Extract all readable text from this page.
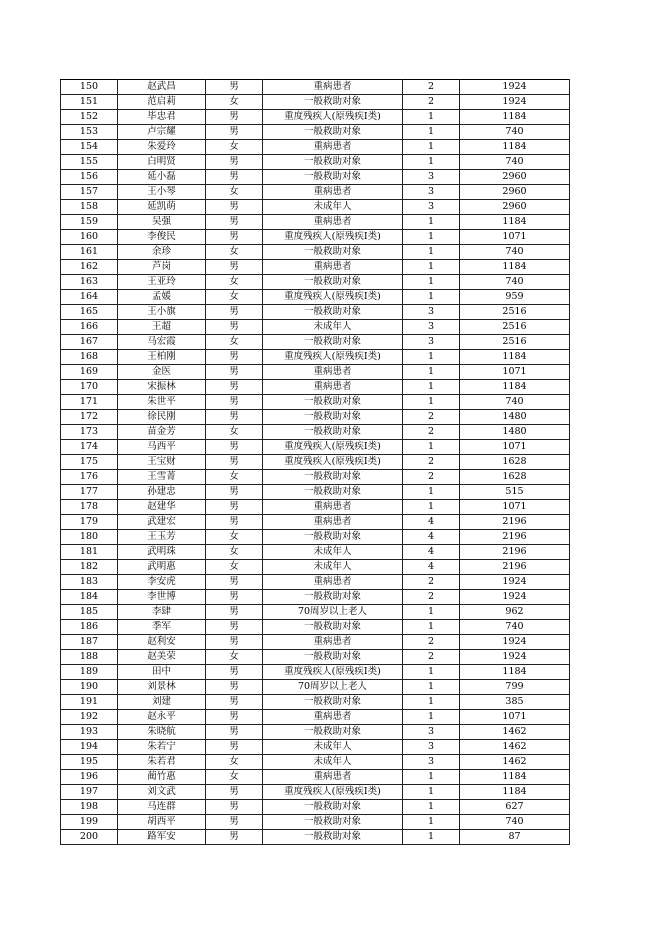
150	赵武昌	男	重病患者	2	1924
151	范启莉	女	一般救助对象	2	1924
152	毕忠君	男	重度残疾人(原残疾Ⅰ类)	1	1184
153	卢宗耀	男	一般救助对象	1	740
154	朱爱玲	女	重病患者	1	1184
155	白明贤	男	一般救助对象	1	740
156	延小磊	男	一般救助对象	3	2960
157	王小琴	女	重病患者	3	2960
158	延凯萌	男	未成年人	3	2960
159	吴强	男	重病患者	1	1184
160	李俊民	男	重度残疾人(原残疾Ⅰ类)	1	1071
161	余珍	女	一般救助对象	1	740
162	芦岗	男	重病患者	1	1184
163	王亚玲	女	一般救助对象	1	740
164	孟媛	女	重度残疾人(原残疾Ⅰ类)	1	959
165	王小旗	男	一般救助对象	3	2516
166	王超	男	未成年人	3	2516
167	马宏霞	女	一般救助对象	3	2516
168	王柏刚	男	重度残疾人(原残疾Ⅰ类)	1	1184
169	金医	男	重病患者	1	1071
170	宋振林	男	重病患者	1	1184
171	朱世平	男	一般救助对象	1	740
172	徐民刚	男	一般救助对象	2	1480
173	苗金芳	女	一般救助对象	2	1480
174	马西平	男	重度残疾人(原残疾Ⅰ类)	1	1071
175	王宝财	男	重度残疾人(原残疾Ⅰ类)	2	1628
176	王雪菁	女	一般救助对象	2	1628
177	孙建忠	男	一般救助对象	1	515
178	赵建华	男	重病患者	1	1071
179	武建宏	男	重病患者	4	2196
180	王玉芳	女	一般救助对象	4	2196
181	武明珠	女	未成年人	4	2196
182	武明惠	女	未成年人	4	2196
183	李安虎	男	重病患者	2	1924
184	李世博	男	一般救助对象	2	1924
185	李肆	男	70周岁以上老人	1	962
186	季军	男	一般救助对象	1	740
187	赵利安	男	重病患者	2	1924
188	赵美荣	女	一般救助对象	2	1924
189	田中	男	重度残疾人(原残疾Ⅰ类)	1	1184
190	刘景林	男	70周岁以上老人	1	799
191	刘建	男	一般救助对象	1	385
192	赵永平	男	重病患者	1	1071
193	朱晓航	男	一般救助对象	3	1462
194	朱若宁	男	未成年人	3	1462
195	朱若君	女	未成年人	3	1462
196	蔺竹惠	女	重病患者	1	1184
197	刘文武	男	重度残疾人(原残疾Ⅰ类)	1	1184
198	马连群	男	一般救助对象	1	627
199	胡西平	男	一般救助对象	1	740
200	路军安	男	一般救助对象	1	87
